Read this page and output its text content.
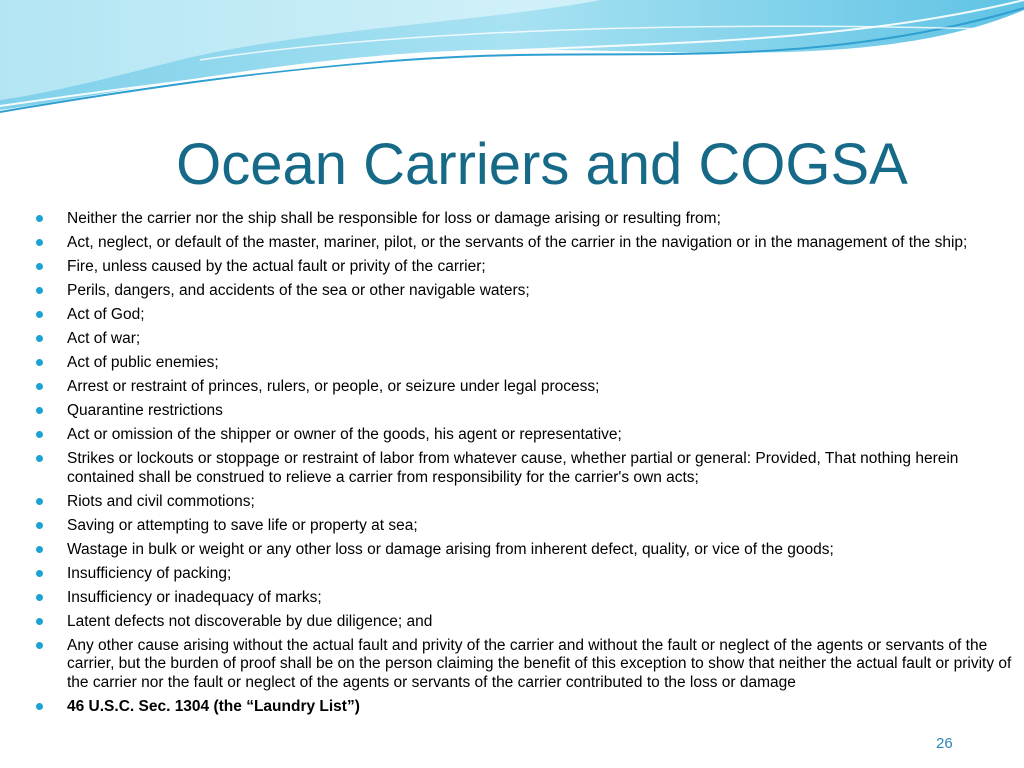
Ocean Carriers and COGSA
Neither the carrier nor the ship shall be responsible for loss or damage arising or resulting from;
Act, neglect, or default of the master, mariner, pilot, or the servants of the carrier in the navigation or in the management of the ship;
Fire, unless caused by the actual fault or privity of the carrier;
Perils, dangers, and accidents of the sea or other navigable waters;
Act of God;
Act of war;
Act of public enemies;
Arrest or restraint of princes, rulers, or people, or seizure under legal process;
Quarantine restrictions
Act or omission of the shipper or owner of the goods, his agent or representative;
Strikes or lockouts or stoppage or restraint of labor from whatever cause, whether partial or general: Provided, That nothing herein contained shall be construed to relieve a carrier from responsibility for the carrier's own acts;
Riots and civil commotions;
Saving or attempting to save life or property at sea;
Wastage in bulk or weight or any other loss or damage arising from inherent defect, quality, or vice of the goods;
Insufficiency of packing;
Insufficiency or inadequacy of marks;
Latent defects not discoverable by due diligence; and
Any other cause arising without the actual fault and privity of the carrier and without the fault or neglect of the agents or servants of the carrier, but the burden of proof shall be on the person claiming the benefit of this exception to show that neither the actual fault or privity of the carrier nor the fault or neglect of the agents or servants of the carrier contributed to the loss or damage
46 U.S.C. Sec. 1304 (the “Laundry List”)
26
